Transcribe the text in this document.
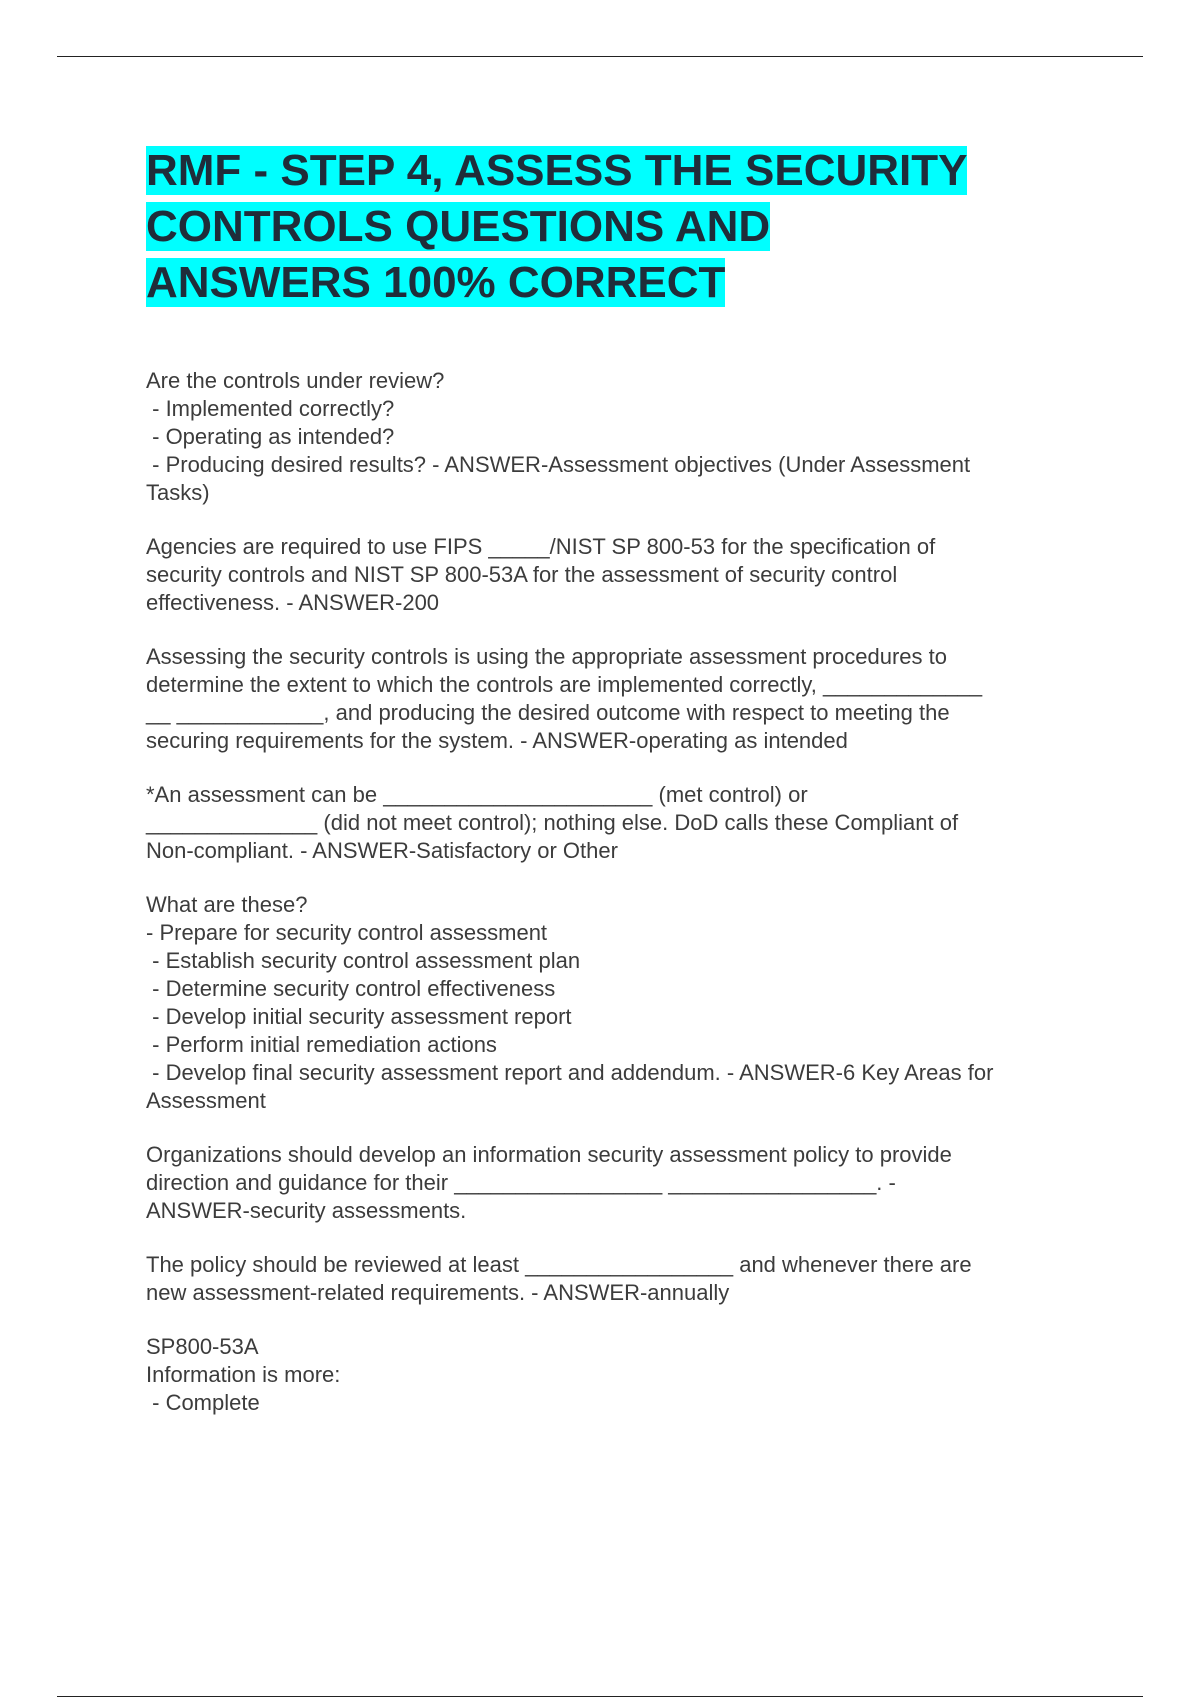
RMF - STEP 4, ASSESS THE SECURITY
CONTROLS QUESTIONS AND
ANSWERS 100% CORRECT
Are the controls under review?
- Implemented correctly?
- Operating as intended?
- Producing desired results? - ANSWER-Assessment objectives (Under Assessment
Tasks)
Agencies are required to use FIPS _____/NIST SP 800-53 for the specification of
security controls and NIST SP 800-53A for the assessment of security control
effectiveness. - ANSWER-200
Assessing the security controls is using the appropriate assessment procedures to
determine the extent to which the controls are implemented correctly, _____________
__ ____________, and producing the desired outcome with respect to meeting the
securing requirements for the system. - ANSWER-operating as intended
*An assessment can be ______________________ (met control) or
______________ (did not meet control); nothing else. DoD calls these Compliant of
Non-compliant. - ANSWER-Satisfactory or Other
What are these?
- Prepare for security control assessment
- Establish security control assessment plan
- Determine security control effectiveness
- Develop initial security assessment report
- Perform initial remediation actions
- Develop final security assessment report and addendum. - ANSWER-6 Key Areas for
Assessment
Organizations should develop an information security assessment policy to provide
direction and guidance for their _________________ _________________. -
ANSWER-security assessments.
The policy should be reviewed at least _________________ and whenever there are
new assessment-related requirements. - ANSWER-annually
SP800-53A
Information is more:
- Complete
